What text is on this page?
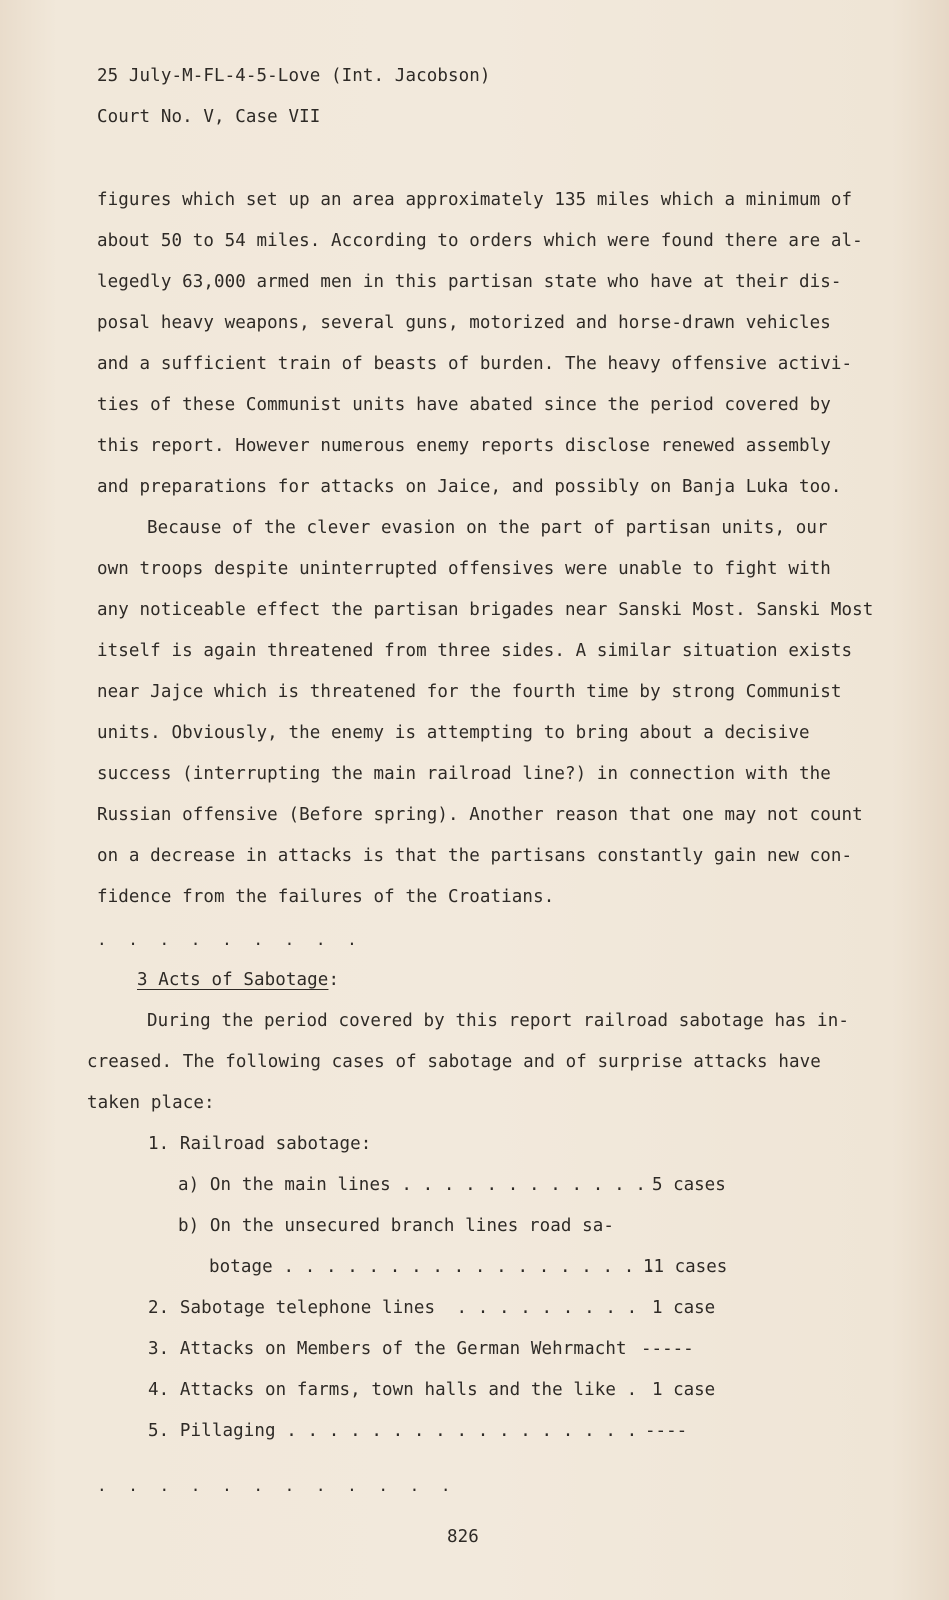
25 July-M-FL-4-5-Love (Int. Jacobson)
Court No. V, Case VII
figures which set up an area approximately 135 miles which a minimum of
about 50 to 54 miles. According to orders which were found there are al-
legedly 63,000 armed men in this partisan state who have at their dis-
posal heavy weapons, several guns, motorized and horse-drawn vehicles
and a sufficient train of beasts of burden. The heavy offensive activi-
ties of these Communist units have abated since the period covered by
this report. However numerous enemy reports disclose renewed assembly
and preparations for attacks on Jaice, and possibly on Banja Luka too.
Because of the clever evasion on the part of partisan units, our
own troops despite uninterrupted offensives were unable to fight with
any noticeable effect the partisan brigades near Sanski Most. Sanski Most
itself is again threatened from three sides. A similar situation exists
near Jajce which is threatened for the fourth time by strong Communist
units. Obviously, the enemy is attempting to bring about a decisive
success (interrupting the main railroad line?) in connection with the
Russian offensive (Before spring). Another reason that one may not count
on a decrease in attacks is that the partisans constantly gain new con-
fidence from the failures of the Croatians.
. . . . . . . . .
3 Acts of Sabotage:
During the period covered by this report railroad sabotage has in-
creased. The following cases of sabotage and of surprise attacks have
taken place:
1. Railroad sabotage:
a) On the main lines . . . . . . . . . . . . 5 cases
b) On the unsecured branch lines road sa-
botage . . . . . . . . . . . . . . . . . .
11 cases
2. Sabotage telephone lines  . . . . . . . . . 1 case
3. Attacks on Members of the German Wehrmacht -----
4. Attacks on farms, town halls and the like . 1 case
5. Pillaging . . . . . . . . . . . . . . . . . ----
. . . . . . . . . . . .
826
